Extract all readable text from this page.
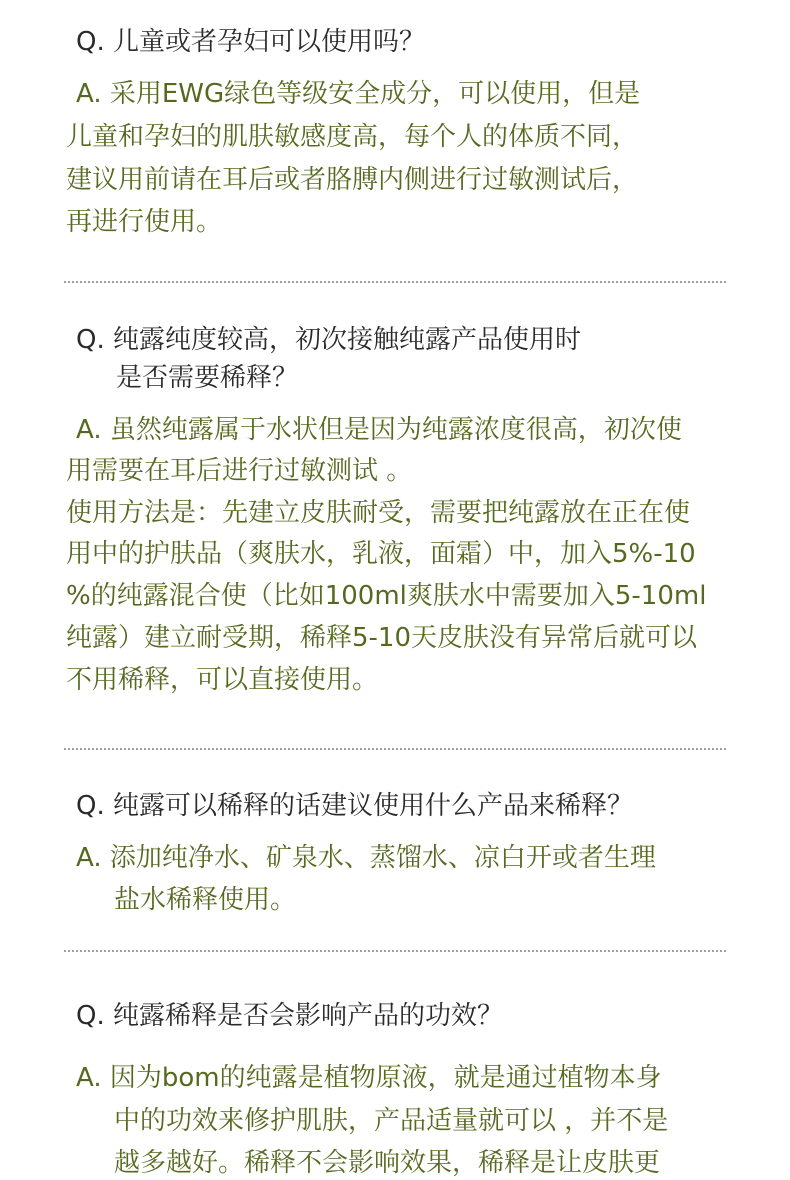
Q. 儿童或者孕妇可以使用吗？

A. 采用EWG绿色等级安全成分，可以使用，但是

儿童和孕妇的肌肤敏感度高，每个人的体质不同，

建议用前请在耳后或者胳膊内侧进行过敏测试后，

再进行使用。

Q. 纯露纯度较高，初次接触纯露产品使用时

是否需要稀释？

A. 虽然纯露属于水状但是因为纯露浓度很高，初次使

用需要在耳后进行过敏测试 。

使用方法是：先建立皮肤耐受，需要把纯露放在正在使

用中的护肤品（爽肤水，乳液，面霜）中，加入5%-10

%的纯露混合使（比如100ml爽肤水中需要加入5-10ml

纯露）建立耐受期，稀释5-10天皮肤没有异常后就可以

不用稀释，可以直接使用。

Q. 纯露可以稀释的话建议使用什么产品来稀释？

A. 添加纯净水、矿泉水、蒸馏水、凉白开或者生理

盐水稀释使用。

Q. 纯露稀释是否会影响产品的功效？

A. 因为bom的纯露是植物原液，就是通过植物本身

中的功效来修护肌肤，产品适量就可以 ，并不是

越多越好。稀释不会影响效果，稀释是让皮肤更
